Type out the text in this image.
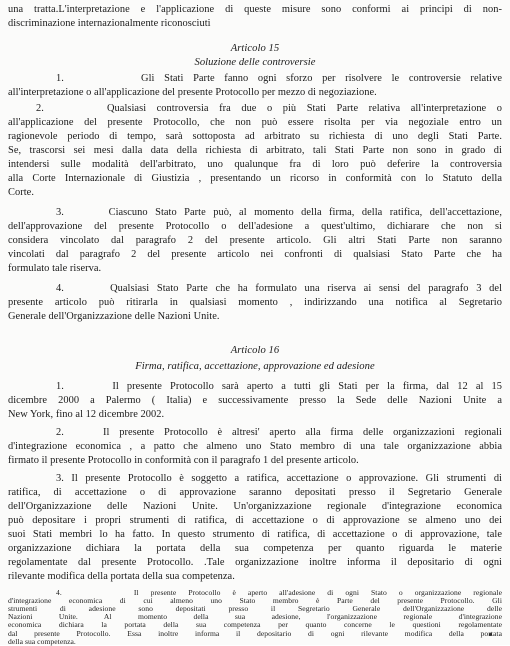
una tratta.L'interpretazione e l'applicazione di queste misure sono conformi ai principi di non-
discriminazione internazionalmente riconosciuti
Articolo 15
Soluzione delle controversie
1.        Gli Stati Parte fanno ogni sforzo per risolvere le controversie relative
all'interpretazione o all'applicazione del presente Protocollo per mezzo di negoziazione.
2.      Qualsiasi controversia fra due o più Stati Parte relativa all'interpretazione o
all'applicazione del presente Protocollo, che non può essere risolta per via negoziale entro un
ragionevole periodo di tempo, sarà sottoposta ad arbitrato su richiesta di uno degli Stati Parte.
Se, trascorsi sei mesi dalla data della richiesta di arbitrato, tali Stati Parte non sono in grado di
intendersi sulle modalità dell'arbitrato, uno qualunque fra di loro può deferire la controversia
alla Corte Internazionale di Giustizia , presentando un ricorso in conformità con lo Statuto della
Corte.
3.      Ciascuno Stato Parte può, al momento della firma, della ratifica, dell'accettazione,
dell'approvazione del presente Protocollo o dell'adesione a quest'ultimo, dichiarare che non si
considera vincolato dal paragrafo 2 del presente articolo. Gli altri Stati Parte non saranno
vincolati dal paragrafo 2 del presente articolo nei confronti di qualsiasi Stato Parte che ha
formulato tale riserva.
4.      Qualsiasi Stato Parte che ha formulato una riserva ai sensi del paragrafo 3 del
presente articolo può ritirarla in qualsiasi momento , indirizzando una notifica al Segretario
Generale dell'Organizzazione delle Nazioni Unite.
Articolo 16
Firma, ratifica, accettazione, approvazione ed adesione
1.      Il presente Protocollo sarà aperto a tutti gli Stati per la firma, dal 12 al 15
dicembre 2000 a Palermo ( Italia) e successivamente presso la Sede delle Nazioni Unite a
New York, fino al 12 dicembre 2002.
2.    Il presente Protocollo è altresi' aperto alla firma delle organizzazioni regionali
d'integrazione economica , a patto che almeno uno Stato membro di una tale organizzazione abbia
firmato il presente Protocollo in conformità con il paragrafo 1 del presente articolo.
3. Il presente Protocollo è soggetto a ratifica, accettazione o approvazione. Gli strumenti di
ratifica, di accettazione o di approvazione saranno depositati presso il Segretario Generale
dell'Organizzazione delle Nazioni Unite. Un'organizzazione regionale d'integrazione economica
può depositare i propri strumenti di ratifica, di accettazione o di approvazione se almeno uno dei
suoi Stati membri lo ha fatto. In questo strumento di ratifica, di accettazione o di approvazione, tale
organizzazione dichiara la portata della sua competenza per quanto riguarda le materie
regolamentate dal presente Protocollo. .Tale organizzazione inoltre informa il depositario di ogni
rilevante modifica della portata della sua competenza.
4.      Il presente Protocollo è aperto all'adesione di ogni Stato o organizzazione regionale
d'integrazione economica di cui almeno uno Stato membro è Parte del presente Protocollo. Gli
strumenti di adesione sono depositati presso il Segretario Generale dell'Organizzazione delle
Nazioni Unite. Al momento della sua adesione, l'organizzazione regionale d'integrazione
economica dichiara la portata della sua competenza per quanto concerne le questioni regolamentate
dal presente Protocollo. Essa inoltre informa il depositario di ogni rilevante modifica della portata
della sua competenza.
